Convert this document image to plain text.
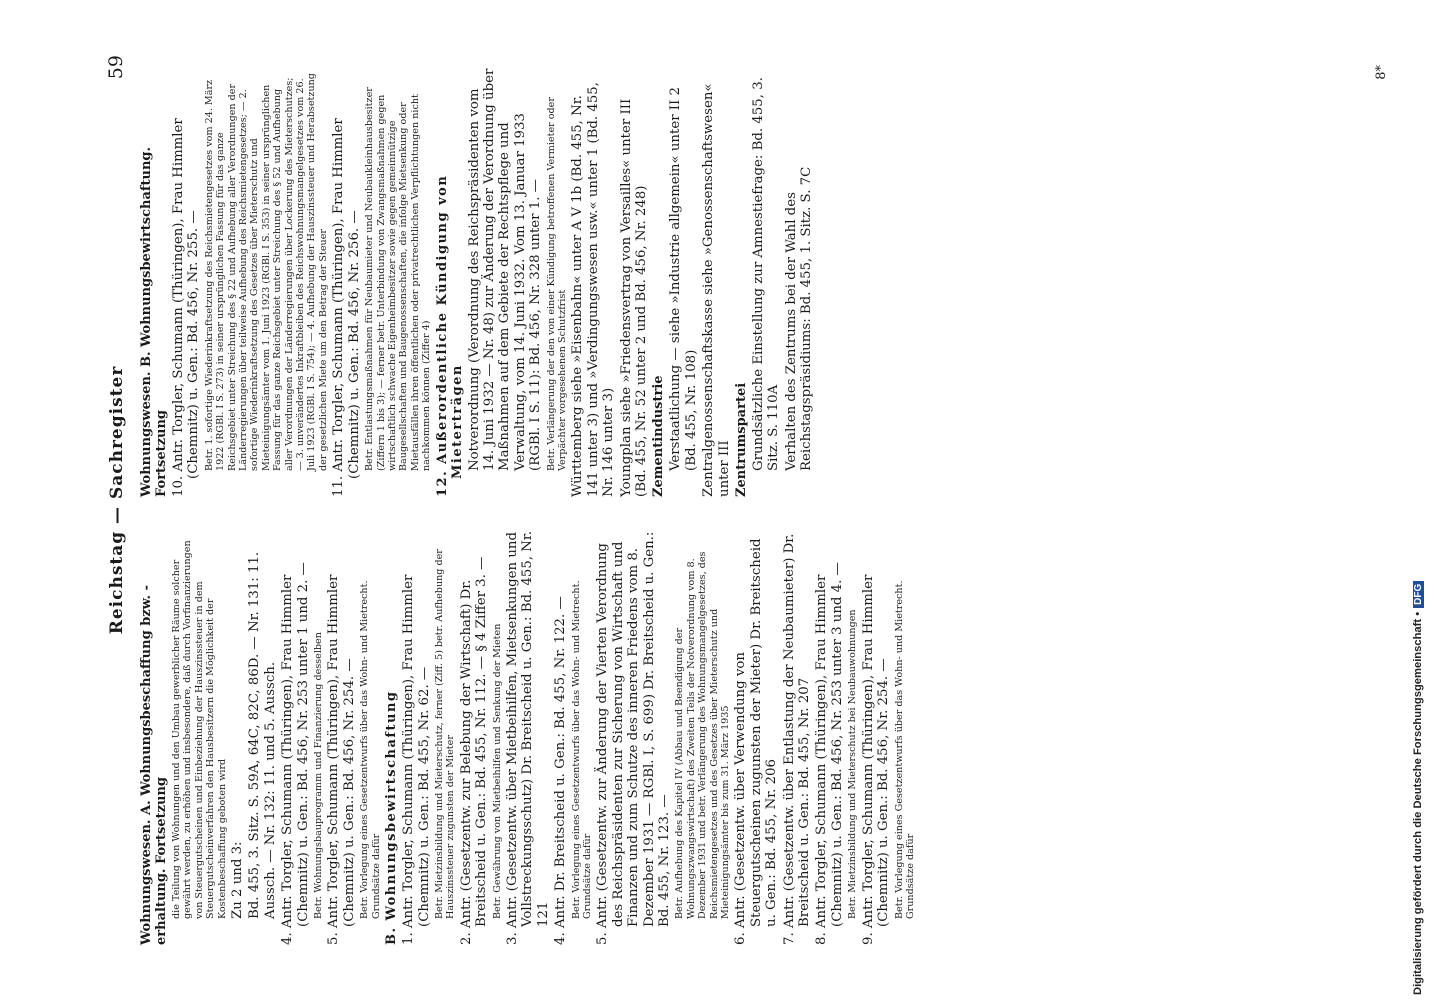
Reichstag — Sachregister
59
Wohnungswesen. A. Wohnungsbeschaffung bzw. -erhaltung. Fortsetzung die Teilung von Wohnungen und den Umbau gewerblicher Räume solcher gewährt werden, zu erhöhen und insbesondere, daß durch Vorfinanzierungen von Steuergutscheinen und Einbeziehung der Hauszinssteuer in dem Steuergutscheinverfahren den Hausbesitzern die Möglichkeit der Kostenbeschaffung geboten wird Zu 2 und 3: Bd. 455, 3. Sitz. S. 59A, 64C, 82C, 86D. — Nr. 131: 11. Aussch. — Nr. 132: 11. und 5. Aussch. 4. Antr. Torgler, Schumann (Thüringen), Frau Himmler (Chemnitz) u. Gen.: Bd. 456, Nr. 253 unter 1 und 2. — Betr. Wohnungsbauprogramm und Finanzierung desselben 5. Antr. Torgler, Schumann (Thüringen), Frau Himmler (Chemnitz) u. Gen.: Bd. 456, Nr. 254. — Betr. Vorlegung eines Gesetzentwurfs über das Wohn- und Mietrecht. Grundsätze dafür B. Wohnungsbewirtschaftung 1. Antr. Torgler, Schumann (Thüringen), Frau Himmler (Chemnitz) u. Gen.: Bd. 455, Nr. 62. — Betr. Mietzinsbildung und Mieterschutz, ferner (Ziff. 5) betr. Aufhebung der Hauszinssteuer zugunsten der Mieter 2. Antr. (Gesetzentw. zur Belebung der Wirtschaft) Dr. Breitscheid u. Gen.: Bd. 455, Nr. 112. — § 4 Ziffer 3. — Betr. Gewährung von Mietbeihilfen und Senkung der Mieten 3. Antr. (Gesetzentw. über Mietbeihilfen, Mietsenkungen und Vollstreckungsschutz) Dr. Breitscheid u. Gen.: Bd. 455, Nr. 121 4. Antr. Dr. Breitscheid u. Gen.: Bd. 455, Nr. 122. — Betr. Vorlegung eines Gesetzentwurfs über das Wohn- und Mietrecht. Grundsätze dafür 5. Antr. (Gesetzentw. zur Änderung der Vierten Verordnung des Reichspräsidenten zur Sicherung von Wirtschaft und Finanzen und zum Schutze des inneren Friedens vom 8. Dezember 1931 — RGBl. I, S. 699) Dr. Breitscheid u. Gen.: Bd. 455, Nr. 123. — Betr. Aufhebung des Kapitel IV (Abbau und Beendigung der Wohnungszwangswirtschaft) des Zweiten Teils der Notverordnung vom 8. Dezember 1931 und betr. Verlängerung des Wohnungsmangelgesetzes, des Reichsmietengesetzes und des Gesetzes über Mieterschutz und Mieteinigungsämter bis zum 31. März 1935 6. Antr. (Gesetzentw. über Verwendung von Steuergutscheinen zugunsten der Mieter) Dr. Breitscheid u. Gen.: Bd. 455, Nr. 206 7. Antr. (Gesetzentw. über Entlastung der Neubaumieter) Dr. Breitscheid u. Gen.: Bd. 455, Nr. 207 8. Antr. Torgler, Schumann (Thüringen), Frau Himmler (Chemnitz) u. Gen.: Bd. 456, Nr. 253 unter 3 und 4. — Betr. Mietzinsbildung und Mieterschutz bei Neubauwohnungen 9. Antr. Torgler, Schumann (Thüringen), Frau Himmler (Chemnitz) u. Gen.: Bd. 456, Nr. 254. — Betr. Vorlegung eines Gesetzentwurfs über das Wohn- und Mietrecht. Grundsätze dafür
Wohnungswesen. B. Wohnungsbewirtschaftung. Fortsetzung 10. Antr. Torgler, Schumann (Thüringen), Frau Himmler (Chemnitz) u. Gen.: Bd. 456, Nr. 255. — Betr. 1. sofortige Wiederinkraftsetzung des Reichsmietengesetzes vom 24. März 1922 (RGBl. I S. 273) in seiner ursprünglichen Fassung für das ganze Reichsgebiet unter Streichung des § 22 und Aufhebung aller Verordnungen der Länderregierungen über teilweise Aufhebung des Reichsmietengesetzes; — 2. sofortige Wiederinkraftsetzung des Gesetzes über Mieterschutz und Mieteinigungsämter vom 1. Juni 1923 (RGBl. I S. 353) in seiner ursprünglichen Fassung für das ganze Reichsgebiet unter Streichung des § 52 und Aufhebung aller Verordnungen der Länderregierungen über Lockerung des Mieterschutzes; — 3. unverändertes Inkraftbleiben des Reichswohnungsmangelgesetzes vom 26. Juli 1923 (RGBl. I S. 754); — 4. Aufhebung der Hauszinssteuer und Herabsetzung der gesetzlichen Miete um den Betrag der Steuer 11. Antr. Torgler, Schumann (Thüringen), Frau Himmler (Chemnitz) u. Gen.: Bd. 456, Nr. 256. — Betr. Entlastungsmaßnahmen für Neubaumieter und Neubaukleinhausbesitzer (Ziffern 1 bis 3); — ferner betr. Unterbindung von Zwangsmaßnahmen gegen wirtschaftlich schwache Eigenheimbesitzer sowie gegen gemeinnützige Baugesellschaften und Baugenossenschaften, die infolge Mietsenkung oder Mietausfällen ihren öffentlichen oder privatrechtlichen Verpflichtungen nicht nachkommen können (Ziffer 4) 12. Außerordentliche Kündigung von Mieterträgen Notverordnung (Verordnung des Reichspräsidenten vom 14. Juni 1932 — Nr. 48) zur Änderung der Verordnung über Maßnahmen auf dem Gebiete der Rechtspflege und Verwaltung, vom 14. Juni 1932. Vom 13. Januar 1933 (RGBl. I S. 11): Bd. 456, Nr. 328 unter 1. — Betr. Verlängerung der den von einer Kündigung betroffenen Vermieter oder Verpächter vorgesehenen Schutzfrist Württemberg siehe »Eisenbahn« unter A V 1b (Bd. 455, Nr. 141 unter 3) und »Verdingungswesen usw.« unter 1 (Bd. 455, Nr. 146 unter 3) Youngplan siehe »Friedensvertrag von Versailles« unter III (Bd. 455, Nr. 52 unter 2 und Bd. 456, Nr. 248) Zementindustrie Verstaatlichung — siehe »Industrie allgemein« unter II 2 (Bd. 455, Nr. 108) Zentralgenossenschaftskasse siehe »Genossenschaftswesen« unter III Zentrumspartei Grundsätzliche Einstellung zur Amnestiefrage: Bd. 455, 3. Sitz. S. 110A Verhalten des Zentrums bei der Wahl des Reichstagspräsidiums: Bd. 455, 1. Sitz. S. 7C
8*
Digitalisierung gefördert durch die Deutsche Forschungsgemeinschaft •DFG
